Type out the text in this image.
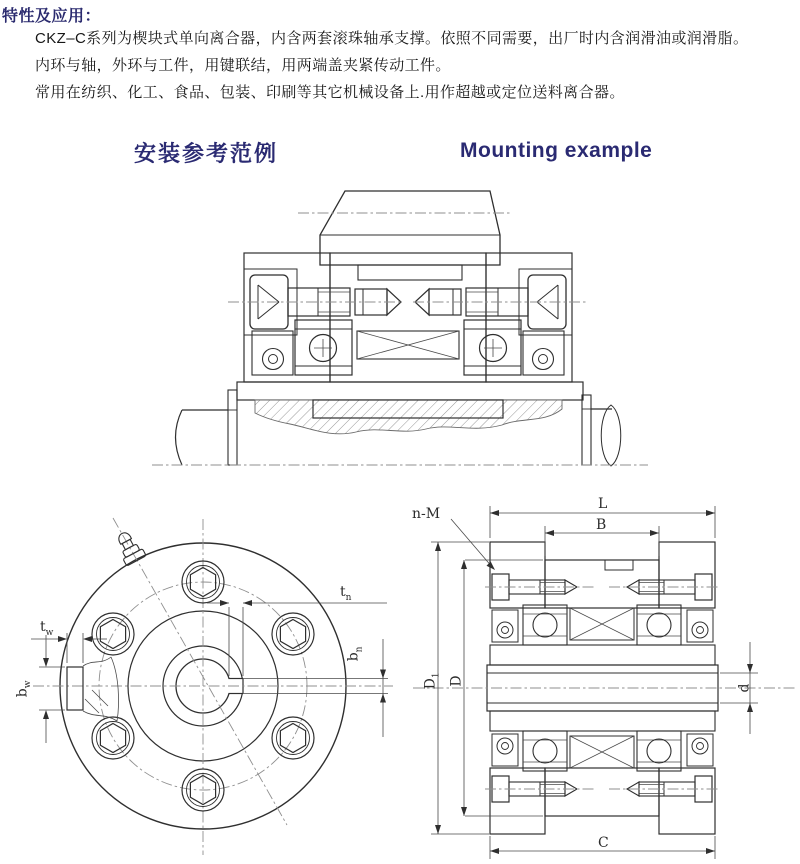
特性及应用：
CKZ–C系列为楔块式单向离合器，内含两套滚珠轴承支撑。依照不同需要，出厂时内含润滑油或润滑脂。
内环与轴，外环与工件，用键联结，用两端盖夹紧传动工件。
常用在纺织、化工、食品、包装、印刷等其它机械设备上.用作超越或定位送料离合器。
安装参考范例	Mounting example
$t_w$
$b_w$
$t_n$
$b_n$
L
B
n-M
$D_1$
D
d
C
